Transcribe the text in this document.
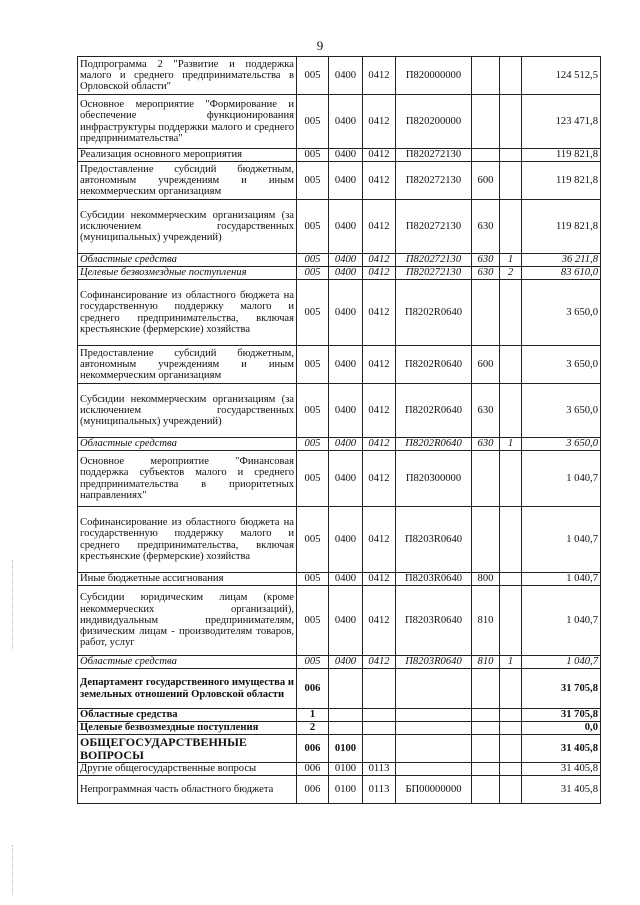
9
Подпрограмма 2 "Развитие и поддержка малого и среднего предпринимательства в Орловской области"	005	0400	0412	П820000000			124 512,5
Основное мероприятие "Формирование и обеспечение функционирования инфраструктуры поддержки малого и среднего предпринимательства"	005	0400	0412	П820200000			123 471,8
Реализация основного мероприятия	005	0400	0412	П820272130			119 821,8
Предоставление субсидий бюджетным, автономным учреждениям и иным некоммерческим организациям	005	0400	0412	П820272130	600		119 821,8
Субсидии некоммерческим организациям (за исключением государственных (муниципальных) учреждений)	005	0400	0412	П820272130	630		119 821,8
Областные средства	005	0400	0412	П820272130	630	1	36 211,8
Целевые безвозмездные поступления	005	0400	0412	П820272130	630	2	83 610,0
Софинансирование из областного бюджета на государственную поддержку малого и среднего предпринимательства, включая крестьянские (фермерские) хозяйства	005	0400	0412	П8202R0640			3 650,0
Предоставление субсидий бюджетным, автономным учреждениям и иным некоммерческим организациям	005	0400	0412	П8202R0640	600		3 650,0
Субсидии некоммерческим организациям (за исключением государственных (муниципальных) учреждений)	005	0400	0412	П8202R0640	630		3 650,0
Областные средства	005	0400	0412	П8202R0640	630	1	3 650,0
Основное мероприятие "Финансовая поддержка субъектов малого и среднего предпринимательства в приоритетных направлениях"	005	0400	0412	П820300000			1 040,7
Софинансирование из областного бюджета на государственную поддержку малого и среднего предпринимательства, включая крестьянские (фермерские) хозяйства	005	0400	0412	П8203R0640			1 040,7
Иные бюджетные ассигнования	005	0400	0412	П8203R0640	800		1 040,7
Субсидии юридическим лицам (кроме некоммерческих организаций), индивидуальным предпринимателям, физическим лицам - производителям товаров, работ, услуг	005	0400	0412	П8203R0640	810		1 040,7
Областные средства	005	0400	0412	П8203R0640	810	1	1 040,7
Департамент государственного имущества и земельных отношений Орловской области	006						31 705,8
Областные средства	1						31 705,8
Целевые безвозмездные поступления	2						0,0
ОБЩЕГОСУДАРСТВЕННЫЕ ВОПРОСЫ	006	0100					31 405,8
Другие общегосударственные вопросы	006	0100	0113				31 405,8
Непрограммная часть областного бюджета	006	0100	0113	БП00000000			31 405,8
